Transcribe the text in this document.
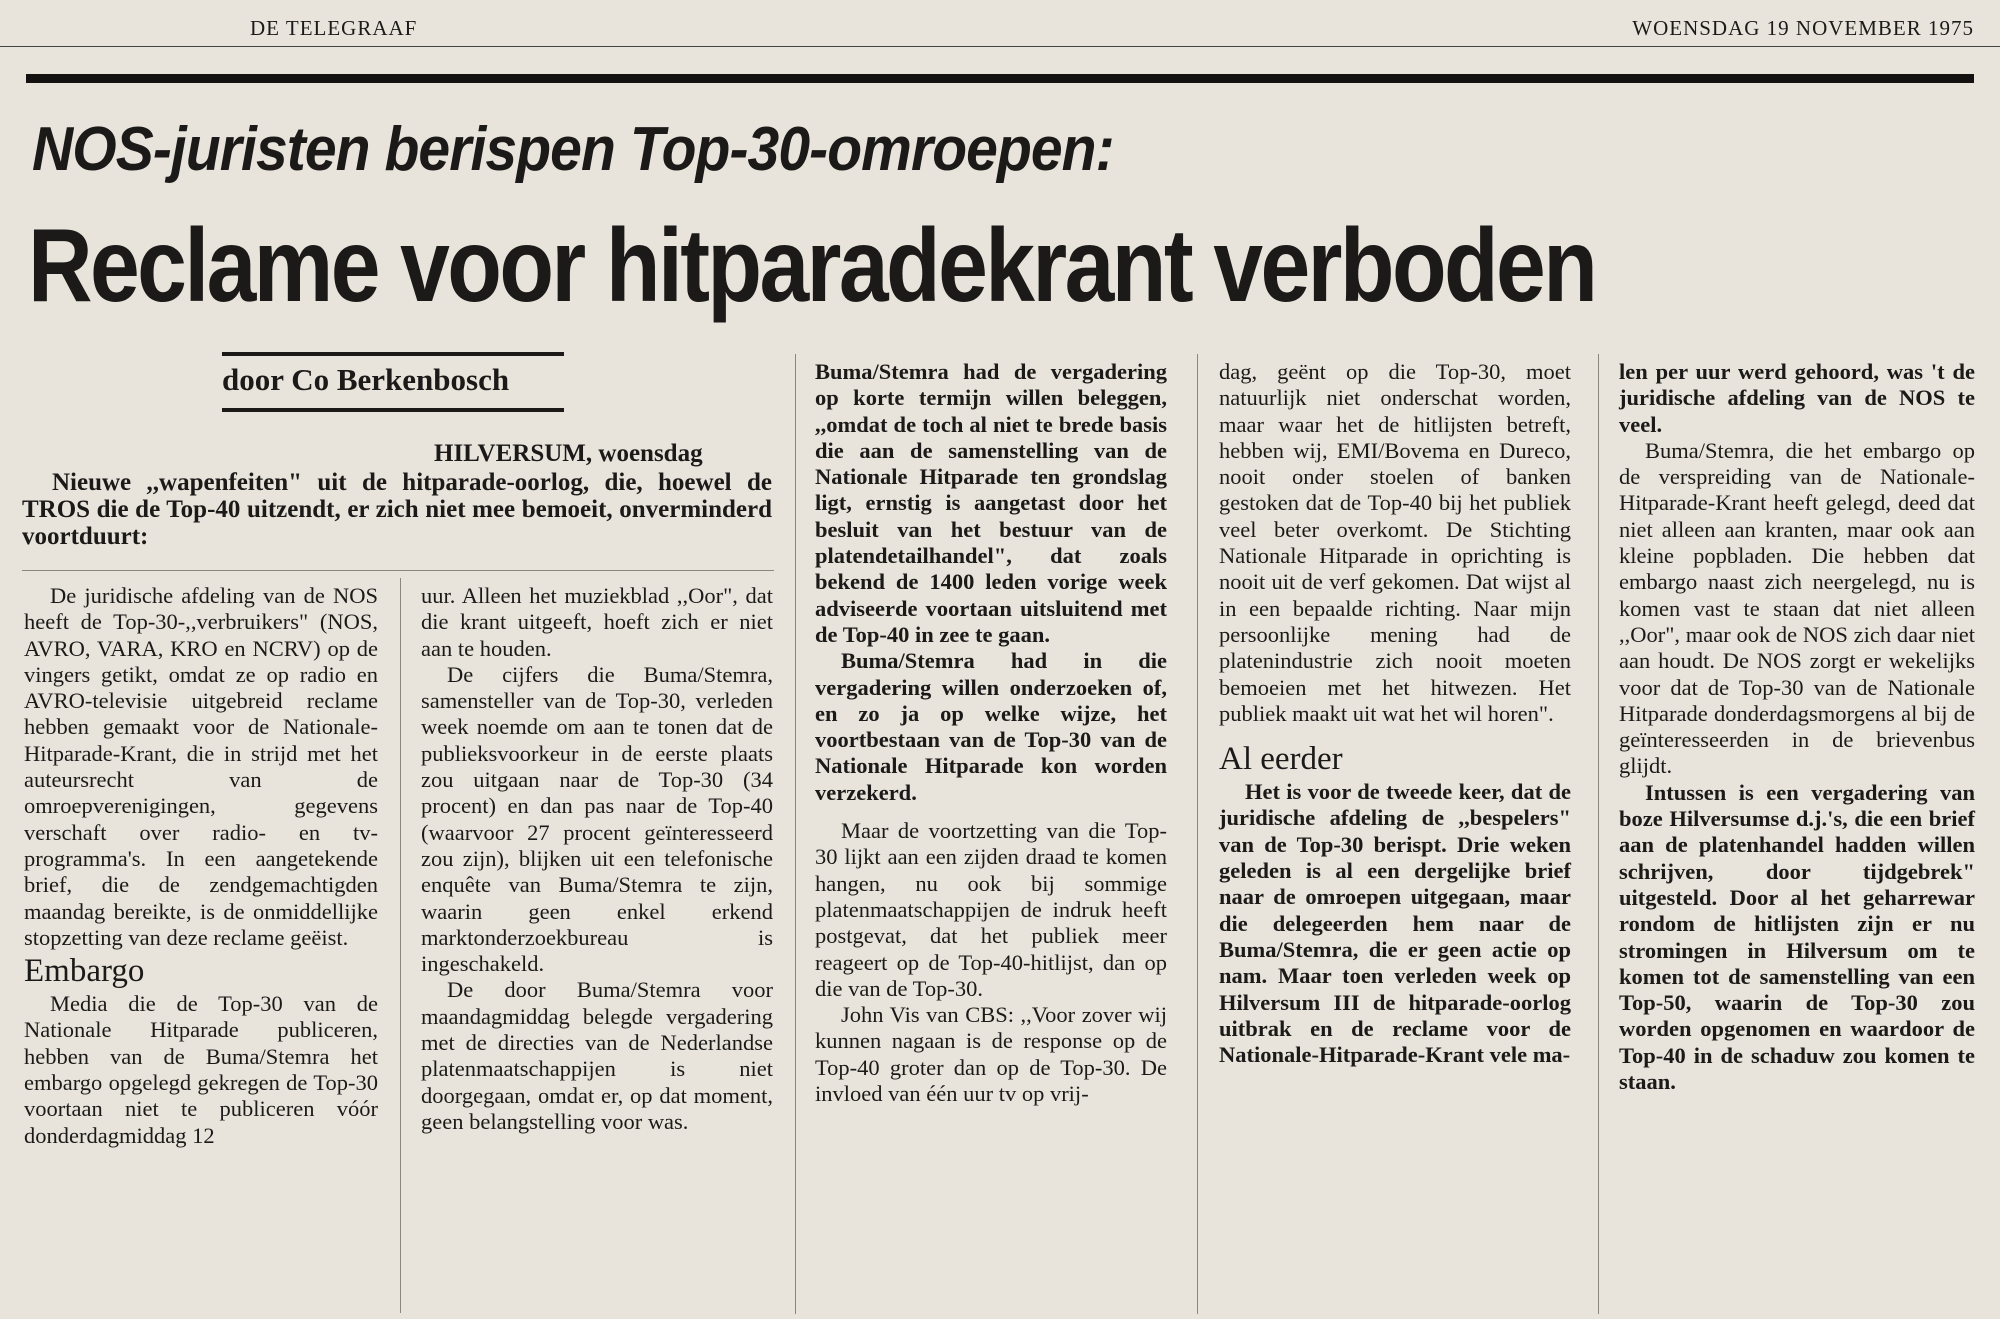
DE TELEGRAAF	WOENSDAG 19 NOVEMBER 1975
NOS-juristen berispen Top-30-omroepen:
Reclame voor hitparadekrant verboden
door Co Berkenbosch
HILVERSUM, woensdag

Nieuwe ,,wapenfeiten" uit de hitparade-oorlog, die, hoewel de TROS die de Top-40 uitzendt, er zich niet mee bemoeit, onverminderd voortduurt:

De juridische afdeling van de NOS heeft de Top-30-,,verbruikers" (NOS, AVRO, VARA, KRO en NCRV) op de vingers getikt, omdat ze op radio en AVRO-televisie uitgebreid reclame hebben gemaakt voor de Nationale-Hitparade-Krant, die in strijd met het auteursrecht van de omroepverenigingen, gegevens verschaft over radio- en tv-programma's. In een aangetekende brief, die de zendgemachtigden maandag bereikte, is de onmiddellijke stopzetting van deze reclame geëist.

Embargo

Media die de Top-30 van de Nationale Hitparade publiceren, hebben van de Buma/Stemra het embargo opgelegd gekregen de Top-30 voortaan niet te publiceren vóór donderdagmiddag 12

uur. Alleen het muziekblad ,,Oor", dat die krant uitgeeft, hoeft zich er niet aan te houden.

De cijfers die Buma/Stemra, samensteller van de Top-30, verleden week noemde om aan te tonen dat de publieksvoorkeur in de eerste plaats zou uitgaan naar de Top-30 (34 procent) en dan pas naar de Top-40 (waarvoor 27 procent geïnteresseerd zou zijn), blijken uit een telefonische enquête van Buma/Stemra te zijn, waarin geen enkel erkend marktonderzoekbureau is ingeschakeld.

De door Buma/Stemra voor maandagmiddag belegde vergadering met de directies van de Nederlandse platenmaatschappijen is niet doorgegaan, omdat er, op dat moment, geen belangstelling voor was.

Buma/Stemra had de vergadering op korte termijn willen beleggen, ,,omdat de toch al niet te brede basis die aan de samenstelling van de Nationale Hitparade ten grondslag ligt, ernstig is aangetast door het besluit van het bestuur van de platendetailhandel", dat zoals bekend de 1400 leden vorige week adviseerde voortaan uitsluitend met de Top-40 in zee te gaan.

Buma/Stemra had in die vergadering willen onderzoeken of, en zo ja op welke wijze, het voortbestaan van de Top-30 van de Nationale Hitparade kon worden verzekerd.

Maar de voortzetting van die Top-30 lijkt aan een zijden draad te komen hangen, nu ook bij sommige platenmaatschappijen de indruk heeft postgevat, dat het publiek meer reageert op de Top-40-hitlijst, dan op die van de Top-30.

John Vis van CBS: ,,Voor zover wij kunnen nagaan is de response op de Top-40 groter dan op de Top-30. De invloed van één uur tv op vrij-

dag, geënt op die Top-30, moet natuurlijk niet onderschat worden, maar waar het de hitlijsten betreft, hebben wij, EMI/Bovema en Dureco, nooit onder stoelen of banken gestoken dat de Top-40 bij het publiek veel beter overkomt. De Stichting Nationale Hitparade in oprichting is nooit uit de verf gekomen. Dat wijst al in een bepaalde richting. Naar mijn persoonlijke mening had de platenindustrie zich nooit moeten bemoeien met het hitwezen. Het publiek maakt uit wat het wil horen".

Al eerder

Het is voor de tweede keer, dat de juridische afdeling de ,,bespelers" van de Top-30 berispt. Drie weken geleden is al een dergelijke brief naar de omroepen uitgegaan, maar die delegeerden hem naar de Buma/Stemra, die er geen actie op nam. Maar toen verleden week op Hilversum III de hitparade-oorlog uitbrak en de reclame voor de Nationale-Hitparade-Krant vele ma-

len per uur werd gehoord, was 't de juridische afdeling van de NOS te veel.

Buma/Stemra, die het embargo op de verspreiding van de Nationale-Hitparade-Krant heeft gelegd, deed dat niet alleen aan kranten, maar ook aan kleine popbladen. Die hebben dat embargo naast zich neergelegd, nu is komen vast te staan dat niet alleen ,,Oor", maar ook de NOS zich daar niet aan houdt. De NOS zorgt er wekelijks voor dat de Top-30 van de Nationale Hitparade donderdagsmorgens al bij de geïnteresseerden in de brievenbus glijdt.

Intussen is een vergadering van boze Hilversumse d.j.'s, die een brief aan de platenhandel hadden willen schrijven, door tijdgebrek" uitgesteld. Door al het geharrewar rondom de hitlijsten zijn er nu stromingen in Hilversum om te komen tot de samenstelling van een Top-50, waarin de Top-30 zou worden opgenomen en waardoor de Top-40 in de schaduw zou komen te staan.
